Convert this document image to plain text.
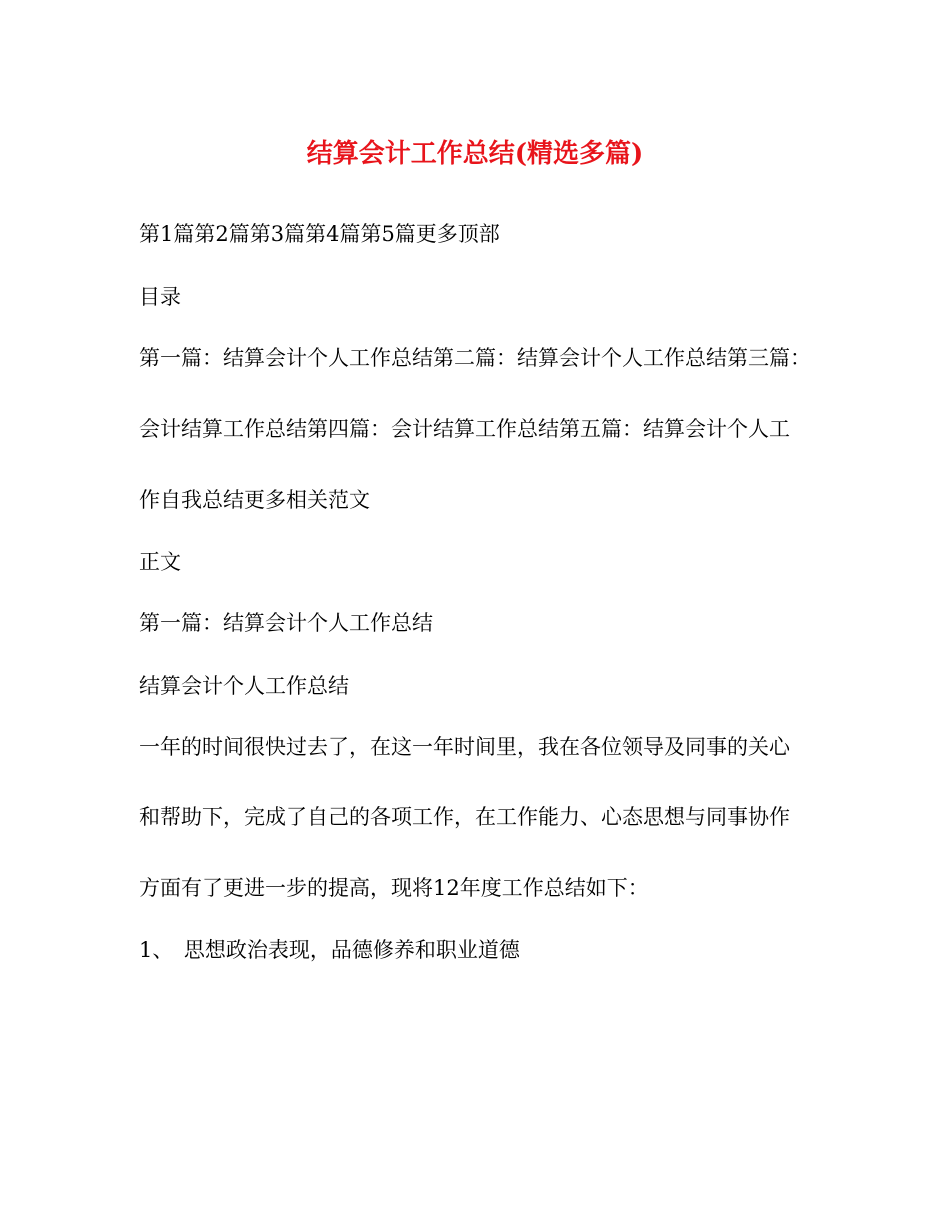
结算会计工作总结(精选多篇)
第1篇第2篇第3篇第4篇第5篇更多顶部
目录
第一篇：结算会计个人工作总结第二篇：结算会计个人工作总结第三篇：
会计结算工作总结第四篇：会计结算工作总结第五篇：结算会计个人工
作自我总结更多相关范文
正文
第一篇：结算会计个人工作总结
结算会计个人工作总结
一年的时间很快过去了，在这一年时间里，我在各位领导及同事的关心
和帮助下，完成了自己的各项工作，在工作能力、心态思想与同事协作
方面有了更进一步的提高，现将12年度工作总结如下：
1、　思想政治表现，品德修养和职业道德
